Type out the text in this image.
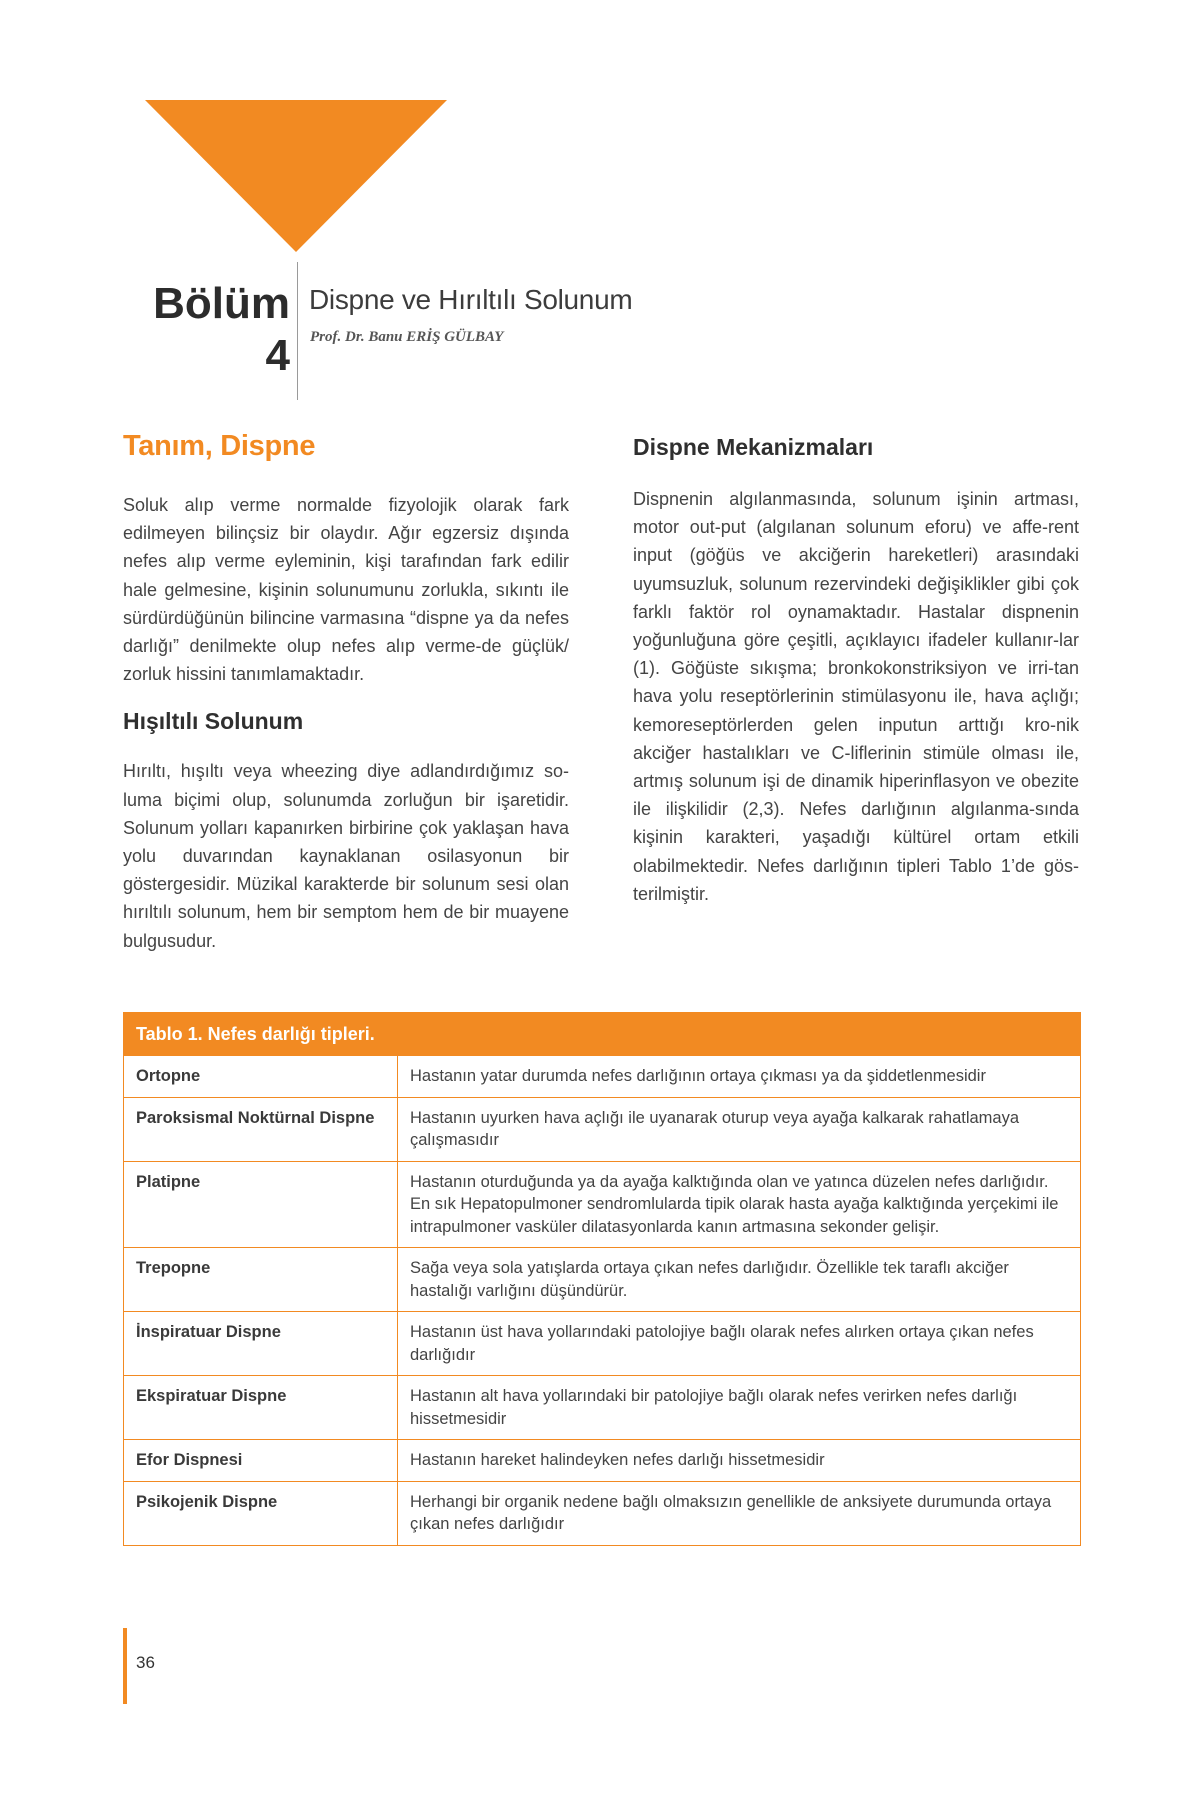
Bölüm
4
Dispne ve Hırıltılı Solunum
Prof. Dr. Banu ERİŞ GÜLBAY
Tanım, Dispne

Soluk alıp verme normalde fizyolojik olarak fark edilmeyen bilinçsiz bir olaydır. Ağır egzersiz dışında nefes alıp verme eyleminin, kişi tarafından fark edilir hale gelmesine, kişinin solunumunu zorlukla, sıkıntı ile sürdürdüğünün bilincine varmasına “dispne ya da nefes darlığı” denilmekte olup nefes alıp verme-de güçlük/ zorluk hissini tanımlamaktadır.

Hışıltılı Solunum

Hırıltı, hışıltı veya wheezing diye adlandırdığımız so-luma biçimi olup, solunumda zorluğun bir işaretidir. Solunum yolları kapanırken birbirine çok yaklaşan hava yolu duvarından kaynaklanan osilasyonun bir göstergesidir. Müzikal karakterde bir solunum sesi olan hırıltılı solunum, hem bir semptom hem de bir muayene bulgusudur.

Dispne Mekanizmaları

Dispnenin algılanmasında, solunum işinin artması, motor out-put (algılanan solunum eforu) ve affe-rent input (göğüs ve akciğerin hareketleri) arasındaki uyumsuzluk, solunum rezervindeki değişiklikler gibi çok farklı faktör rol oynamaktadır. Hastalar dispnenin yoğunluğuna göre çeşitli, açıklayıcı ifadeler kullanır-lar (1). Göğüste sıkışma; bronkokonstriksiyon ve irri-tan hava yolu reseptörlerinin stimülasyonu ile, hava açlığı; kemoreseptörlerden gelen inputun arttığı kro-nik akciğer hastalıkları ve C-liflerinin stimüle olması ile, artmış solunum işi de dinamik hiperinflasyon ve obezite ile ilişkilidir (2,3). Nefes darlığının algılanma-sında kişinin karakteri, yaşadığı kültürel ortam etkili olabilmektedir. Nefes darlığının tipleri Tablo 1’de gös-terilmiştir.

Tablo 1. Nefes darlığı tipleri.
Ortopne	Hastanın yatar durumda nefes darlığının ortaya çıkması ya da şiddetlenmesidir
Paroksismal Noktürnal Dispne	Hastanın uyurken hava açlığı ile uyanarak oturup veya ayağa kalkarak rahatlamaya çalışmasıdır
Platipne	Hastanın oturduğunda ya da ayağa kalktığında olan ve yatınca düzelen nefes darlığıdır. En sık Hepatopulmoner sendromlularda tipik olarak hasta ayağa kalktığında yerçekimi ile intrapulmoner vasküler dilatasyonlarda kanın artmasına sekonder gelişir.
Trepopne	Sağa veya sola yatışlarda ortaya çıkan nefes darlığıdır. Özellikle tek taraflı akciğer hastalığı varlığını düşündürür.
İnspiratuar Dispne	Hastanın üst hava yollarındaki patolojiye bağlı olarak nefes alırken ortaya çıkan nefes darlığıdır
Ekspiratuar Dispne	Hastanın alt hava yollarındaki bir patolojiye bağlı olarak nefes verirken nefes darlığı hissetmesidir
Efor Dispnesi	Hastanın hareket halindeyken nefes darlığı hissetmesidir
Psikojenik Dispne	Herhangi bir organik nedene bağlı olmaksızın genellikle de anksiyete durumunda ortaya çıkan nefes darlığıdır
36
